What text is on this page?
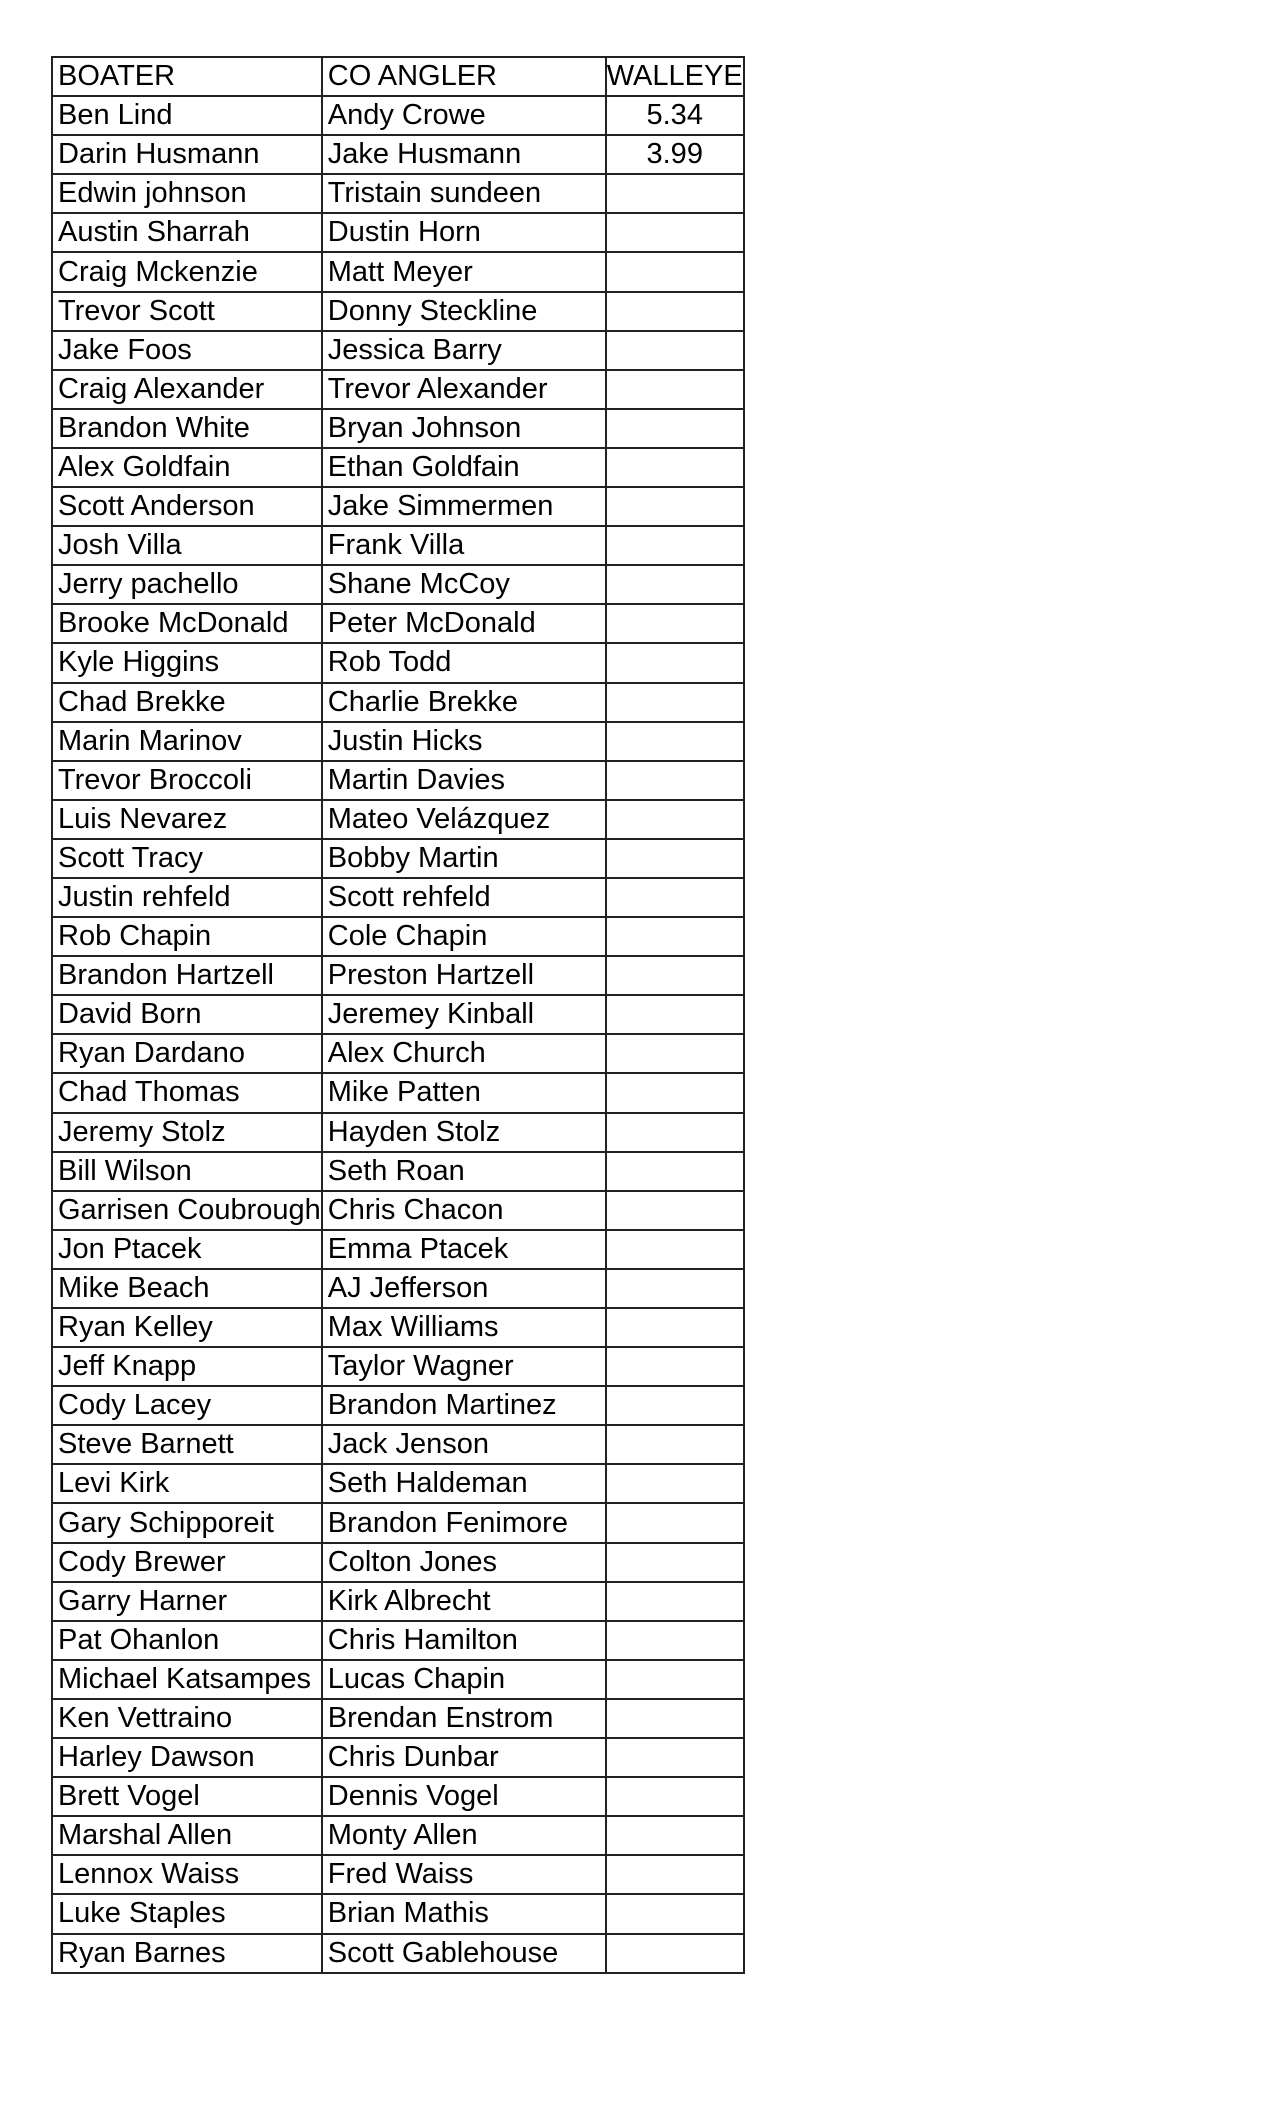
BOATER	CO ANGLER	WALLEYE
Ben Lind	Andy Crowe	5.34
Darin Husmann	Jake Husmann	3.99
Edwin johnson	Tristain sundeen	
Austin Sharrah	Dustin Horn	
Craig Mckenzie	Matt Meyer	
Trevor Scott	Donny Steckline	
Jake Foos	Jessica Barry	
Craig Alexander	Trevor Alexander	
Brandon White	Bryan Johnson	
Alex Goldfain	Ethan Goldfain	
Scott Anderson	Jake Simmermen	
Josh Villa	Frank Villa	
Jerry pachello	Shane McCoy	
Brooke McDonald	Peter McDonald	
Kyle Higgins	Rob Todd	
Chad Brekke	Charlie Brekke	
Marin Marinov	Justin Hicks	
Trevor Broccoli	Martin Davies	
Luis Nevarez	Mateo Velázquez	
Scott Tracy	Bobby Martin	
Justin rehfeld	Scott rehfeld	
Rob Chapin	Cole Chapin	
Brandon Hartzell	Preston Hartzell	
David Born	Jeremey Kinball	
Ryan Dardano	Alex Church	
Chad Thomas	Mike Patten	
Jeremy Stolz	Hayden Stolz	
Bill Wilson	Seth Roan	
Garrisen Coubrough	Chris Chacon	
Jon Ptacek	Emma Ptacek	
Mike Beach	AJ Jefferson	
Ryan Kelley	Max Williams	
Jeff Knapp	Taylor Wagner	
Cody Lacey	Brandon Martinez	
Steve Barnett	Jack Jenson	
Levi Kirk	Seth Haldeman	
Gary Schipporeit	Brandon Fenimore	
Cody Brewer	Colton Jones	
Garry Harner	Kirk Albrecht	
Pat Ohanlon	Chris Hamilton	
Michael Katsampes	Lucas Chapin	
Ken Vettraino	Brendan Enstrom	
Harley Dawson	Chris Dunbar	
Brett Vogel	Dennis Vogel	
Marshal Allen	Monty Allen	
Lennox Waiss	Fred Waiss	
Luke Staples	Brian Mathis	
Ryan Barnes	Scott Gablehouse	
